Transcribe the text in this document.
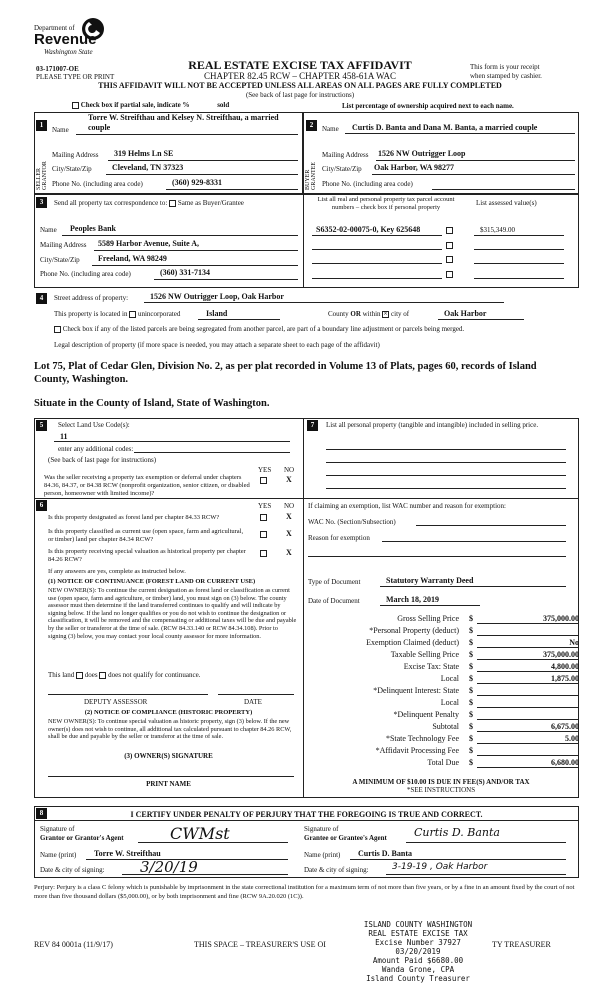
Department of
Revenue
Washington State
03-171007-OE
PLEASE TYPE OR PRINT
REAL ESTATE EXCISE TAX AFFIDAVIT
CHAPTER 82.45 RCW – CHAPTER 458-61A WAC
This form is your receipt
when stamped by cashier.
THIS AFFIDAVIT WILL NOT BE ACCEPTED UNLESS ALL AREAS ON ALL PAGES ARE FULLY COMPLETED
(See back of last page for instructions)
Check box if partial sale, indicate %	sold	List percentage of ownership acquired next to each name.
1	2
SELLER GRANTOR	BUYER GRANTEE
Name
Torre W. Streifthau and Kelsey N. Streifthau, a married couple	Name Curtis D. Banta and Dana M. Banta, a married couple
Mailing Address 319 Helms Ln SE
City/State/Zip	Cleveland, TN 37323
Phone No. (including area code)	(360) 929-8331
Mailing Address 1526 NW Outrigger Loop
City/State/Zip Oak Harbor, WA 98277
Phone No. (including area code)
3	Send all property tax correspondence to: Same as Buyer/Grantee	List all real and personal property tax parcel account numbers – check box if personal property
List assessed value(s)
Name Peoples Bank
Mailing Address 5589 Harbor Avenue, Suite A,
City/State/Zip Freeland, WA 98249
Phone No. (including area code)	(360) 331-7134
S6352-02-00075-0, Key 625648	$315,349.00
4	Street address of property:	1526 NW Outrigger Loop, Oak Harbor
This property is located in unincorporated	Island	County OR within × city of	Oak Harbor
Check box if any of the listed parcels are being segregated from another parcel, are part of a boundary line adjustment or parcels being merged.
Legal description of property (if more space is needed, you may attach a separate sheet to each page of the affidavit)
Lot 75, Plat of Cedar Glen, Division No. 2, as per plat recorded in Volume 13 of Plats, pages 60, records of Island County, Washington.
Situate in the County of Island, State of Washington.
5	Select Land Use Code(s):
11
enter any additional codes:
(See back of last page for instructions)
YES NO
Was the seller receiving a property tax exemption or deferral under chapters 84.36, 84.37, or 84.38 RCW (nonprofit organization, senior citizen, or disabled person, homeowner with limited income)?
X
6	YES NO
Is this property designated as forest land per chapter 84.33 RCW?	X
Is this property classified as current use (open space, farm and agricultural, or timber) land per chapter 84.34 RCW?
X
Is this property receiving special valuation as historical property per chapter 84.26 RCW?
X
If any answers are yes, complete as instructed below.
(1) NOTICE OF CONTINUANCE (FOREST LAND OR CURRENT USE)
NEW OWNER(S): To continue the current designation as forest land or classification as current use (open space, farm and agriculture, or timber) land, you must sign on (3) below. The county assessor must then determine if the land transferred continues to qualify and will indicate by signing below. If the land no longer qualifies or you do not wish to continue the designation or classification, it will be removed and the compensating or additional taxes will be due and payable by the seller or transferor at the time of sale. (RCW 84.33.140 or RCW 84.34.108). Prior to signing (3) below, you may contact your local county assessor for more information.
This land does does not qualify for continuance.
DEPUTY ASSESSOR	DATE
(2) NOTICE OF COMPLIANCE (HISTORIC PROPERTY)
NEW OWNER(S): To continue special valuation as historic property, sign (3) below. If the new owner(s) does not wish to continue, all additional tax calculated pursuant to chapter 84.26 RCW, shall be due and payable by the seller or transferor at the time of sale.
(3) OWNER(S) SIGNATURE
PRINT NAME
7	List all personal property (tangible and intangible) included in selling price.
If claiming an exemption, list WAC number and reason for exemption:
WAC No. (Section/Subsection)
Reason for exemption
Type of Document	Statutory Warranty Deed
Date of Document	March 18, 2019
Gross Selling Price $	375,000.00
*Personal Property (deduct) $
Exemption Claimed (deduct) $	No
Taxable Selling Price $	375,000.00
Excise Tax: State $	4,800.00
Local $	1,875.00
*Delinquent Interest: State $
Local $
*Delinquent Penalty $
Subtotal $	6,675.00
*State Technology Fee $	5.00
*Affidavit Processing Fee $
Total Due $	6,680.00
A MINIMUM OF $10.00 IS DUE IN FEE(S) AND/OR TAX
*SEE INSTRUCTIONS
8	I CERTIFY UNDER PENALTY OF PERJURY THAT THE FOREGOING IS TRUE AND CORRECT.
Signature of
Grantor or Grantor's Agent	CWMst
Name (print) Torre W. Streifthau
Date & city of signing: 3/20/19
Signature of
Grantee or Grantee's Agent Curtis D. Banta
Name (print) Curtis D. Banta
Date & city of signing:	3-19-19 , Oak Harbor
Perjury: Perjury is a class C felony which is punishable by imprisonment in the state correctional institution for a maximum term of not more than five years, or by a fine in an amount fixed by the court of not more than five thousand dollars ($5,000.00), or by both imprisonment and fine (RCW 9A.20.020 (1C)).
REV 84 0001a (11/9/17)	THIS SPACE – TREASURER'S USE OI	TY TREASURER
ISLAND COUNTY WASHINGTON
REAL ESTATE EXCISE TAX
Excise Number 37927
03/20/2019
Amount Paid $6680.00
Wanda Grone, CPA
Island County Treasurer
